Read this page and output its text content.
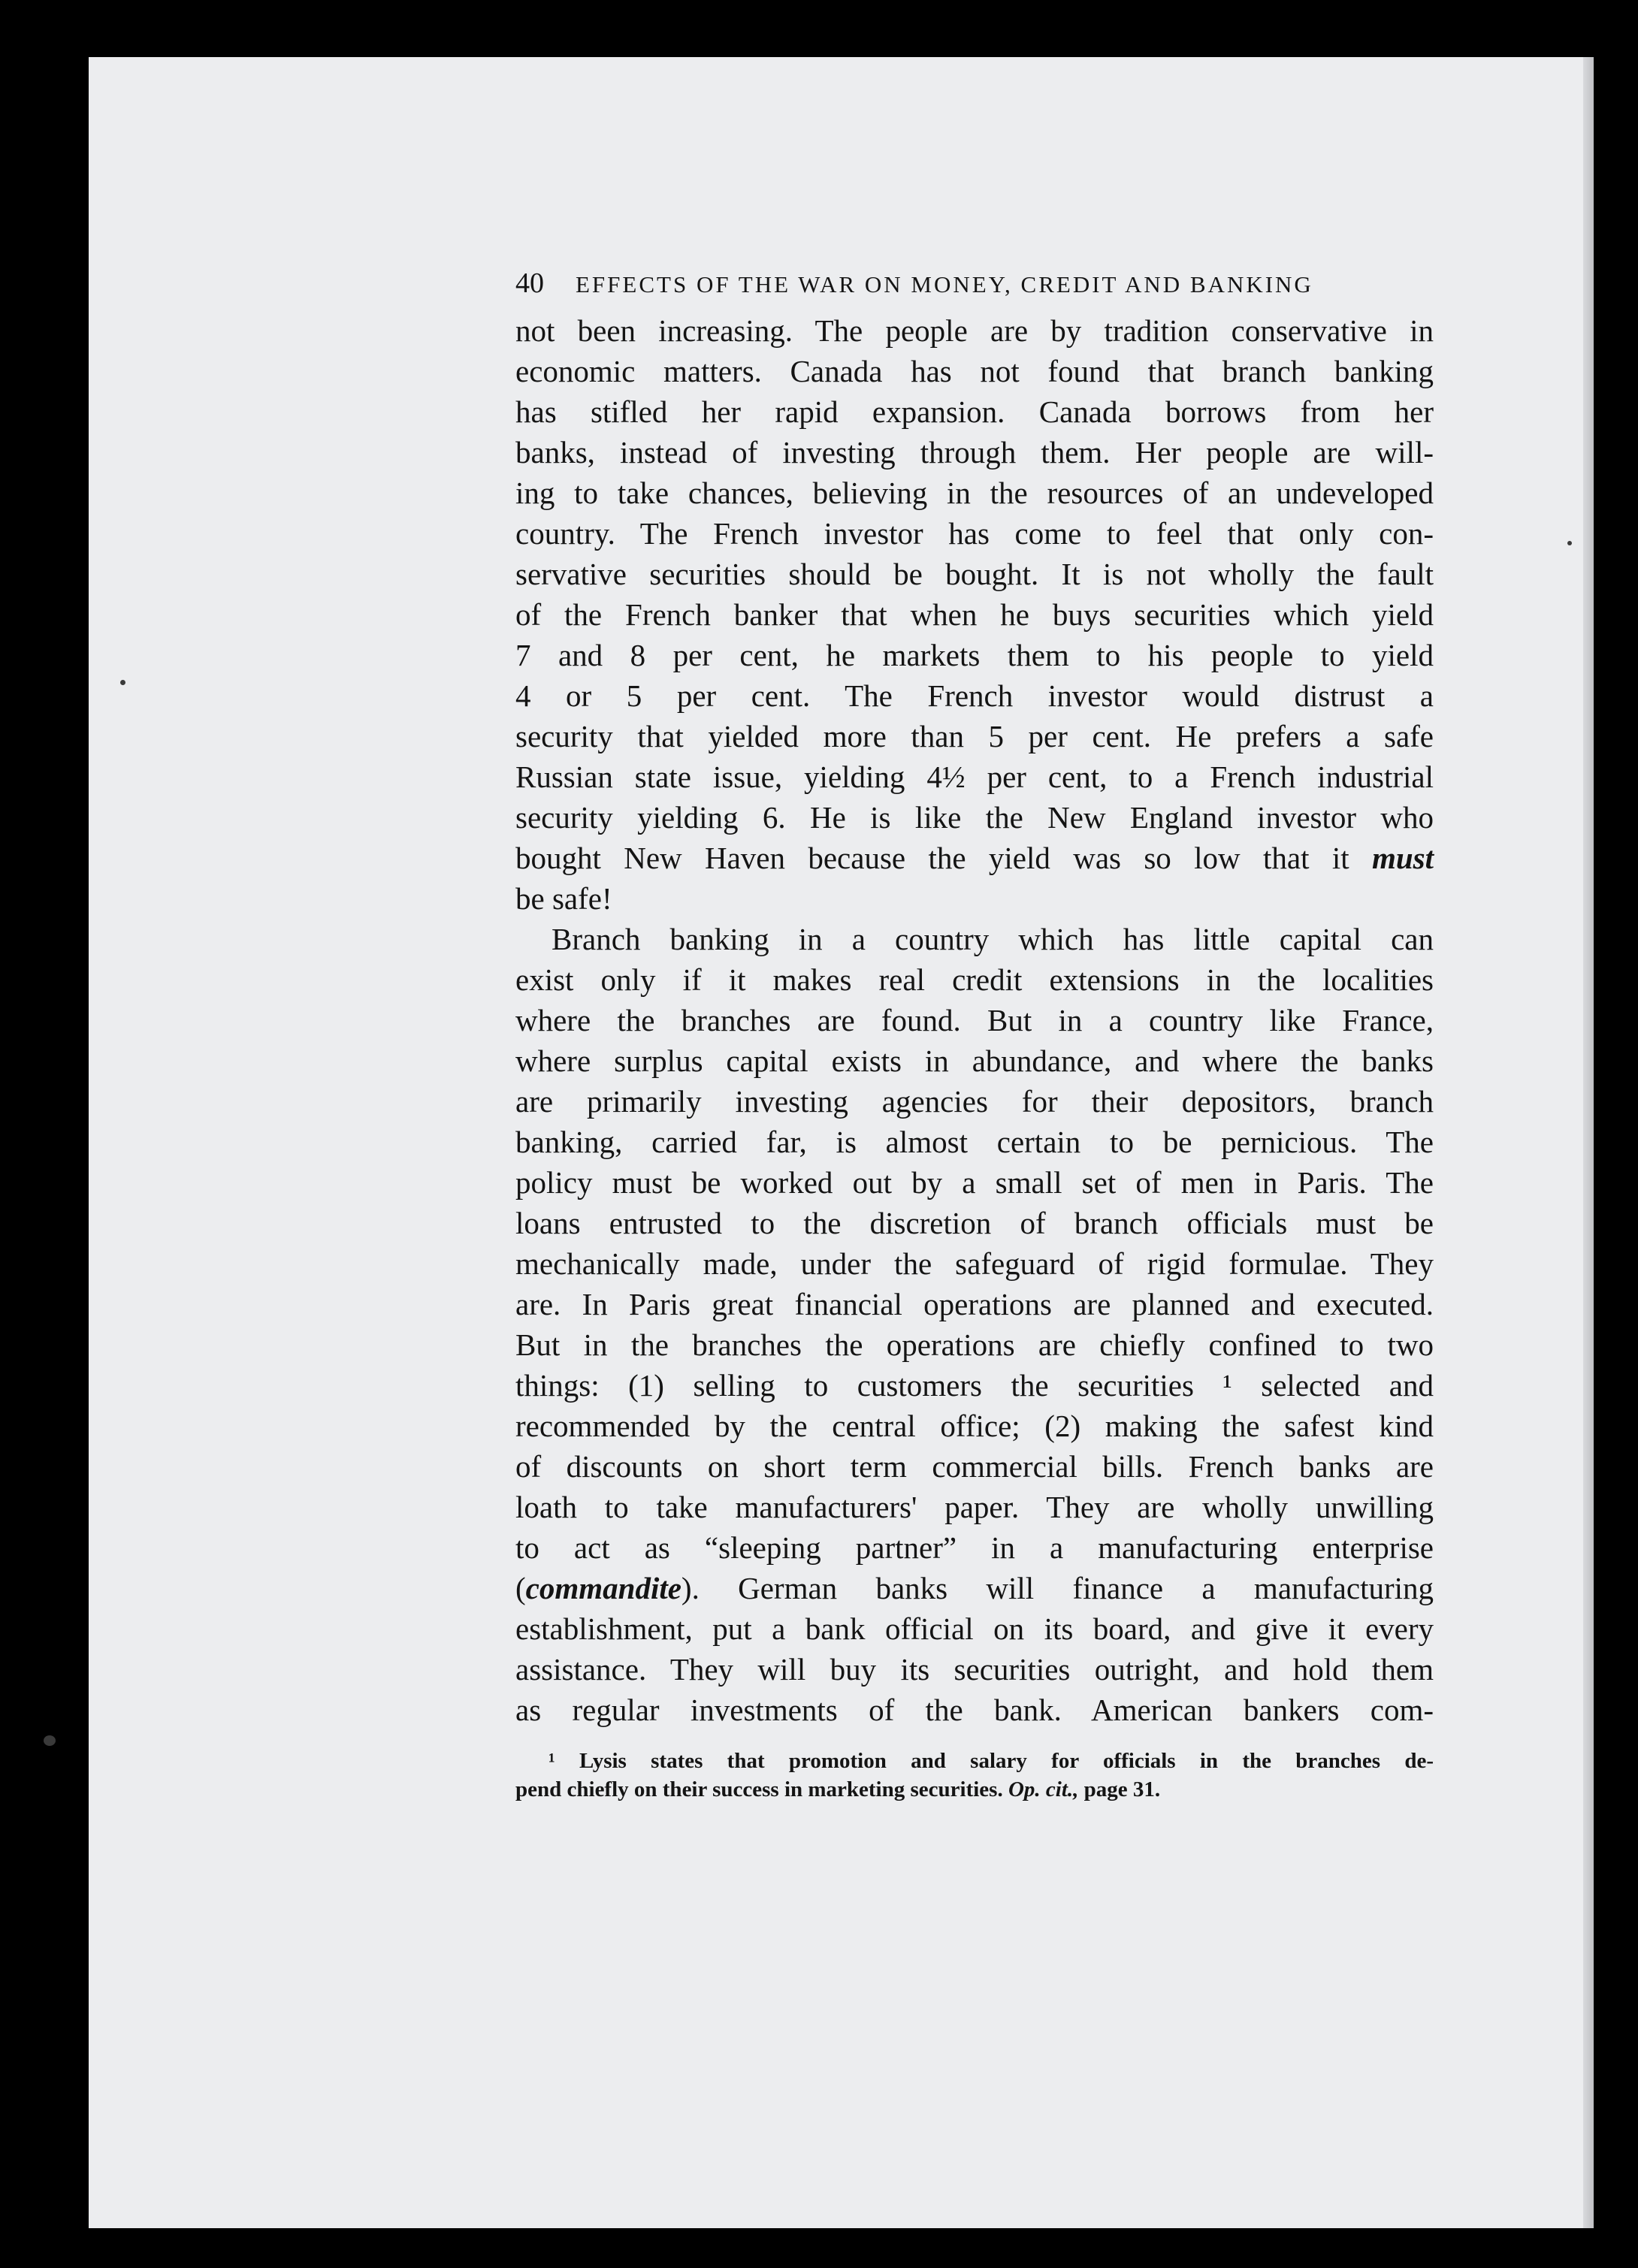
40 EFFECTS OF THE WAR ON MONEY, CREDIT AND BANKING
not been increasing. The people are by tradition conservative in
economic matters. Canada has not found that branch banking
has stifled her rapid expansion. Canada borrows from her
banks, instead of investing through them. Her people are will-
ing to take chances, believing in the resources of an undeveloped
country. The French investor has come to feel that only con-
servative securities should be bought. It is not wholly the fault
of the French banker that when he buys securities which yield
7 and 8 per cent, he markets them to his people to yield
4 or 5 per cent. The French investor would distrust a
security that yielded more than 5 per cent. He prefers a safe
Russian state issue, yielding 4½ per cent, to a French industrial
security yielding 6. He is like the New England investor who
bought New Haven because the yield was so low that it must
be safe!
Branch banking in a country which has little capital can
exist only if it makes real credit extensions in the localities
where the branches are found. But in a country like France,
where surplus capital exists in abundance, and where the banks
are primarily investing agencies for their depositors, branch
banking, carried far, is almost certain to be pernicious. The
policy must be worked out by a small set of men in Paris. The
loans entrusted to the discretion of branch officials must be
mechanically made, under the safeguard of rigid formulae. They
are. In Paris great financial operations are planned and executed.
But in the branches the operations are chiefly confined to two
things: (1) selling to customers the securities ¹ selected and
recommended by the central office; (2) making the safest kind
of discounts on short term commercial bills. French banks are
loath to take manufacturers' paper. They are wholly unwilling
to act as “sleeping partner” in a manufacturing enterprise
(commandite). German banks will finance a manufacturing
establishment, put a bank official on its board, and give it every
assistance. They will buy its securities outright, and hold them
as regular investments of the bank. American bankers com-
¹ Lysis states that promotion and salary for officials in the branches de-
pend chiefly on their success in marketing securities. Op. cit., page 31.
